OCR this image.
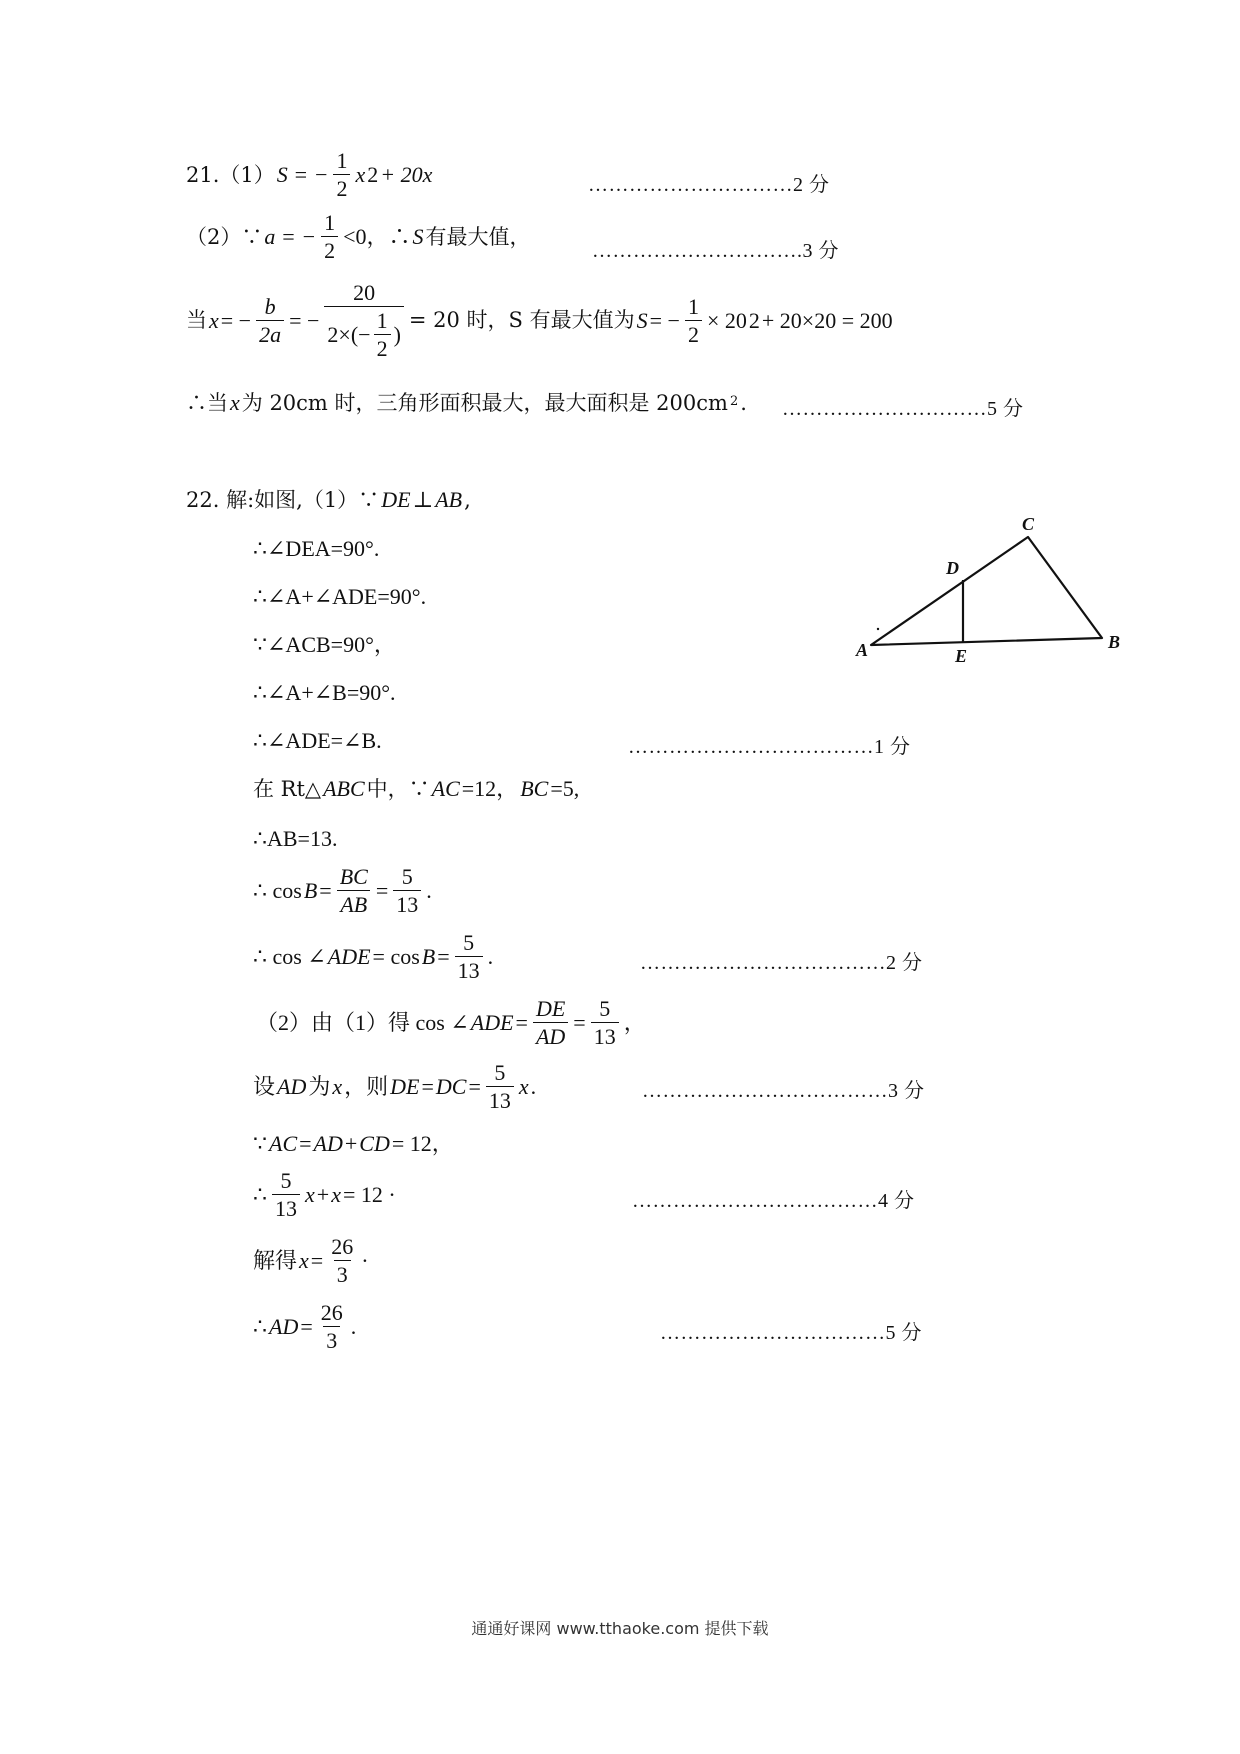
21.（1） S = − $\frac{1}{2}$ x 2 + 20x	…………………………2 分
（2）∵ a = − $\frac{1}{2} <0$，∴ S 有最大值，
………………………….3 分
当 x = − $\frac{b}{2a}$ = − $\frac{20}{2\times(- \frac{1}{2} )} = 20$ 时，S 有最大值为 S = − $\frac{1}{2} \times 20$ 2 + 20×20 = 200
∴当 x 为 20cm 时，三角形面积最大，最大面积是 200cm 2 . …………………………5 分
22. 解:如图,（1）∵ DE ⊥ AB ,
∴∠DEA=90°.
∴∠A+∠ADE=90°.
∵∠ACB=90°，
∴∠A+∠B=90°.
∴∠ADE=∠B.	………………………………1 分
在 Rt△ ABC 中，∵ AC =12， BC =5,
∴AB=13.
∴ $\cos B = \frac{BC}{AB} = \frac{5}{13}$ .
∴ cos ∠ ADE = $\cos B = \frac{5}{13}$ .	………………………………2 分
（2）由（1）得 cos ∠ ADE = $\frac{DE}{AD} = \frac{5}{13}$ ，
设 AD 为 x ，则 DE = DC = $\frac{5}{13}$ x .	………………………………3 分
∵ AC = AD + CD = 12，
∴ $\frac{5}{13}$ x + x = 12 ·	………………………………4 分
解得 $x = \frac{26}{3}$ ·
∴ AD = $\frac{26}{3}$ .	……………………………5 分
A	B
C
D
E
通通好课网 www.tthaoke.com 提供下载
